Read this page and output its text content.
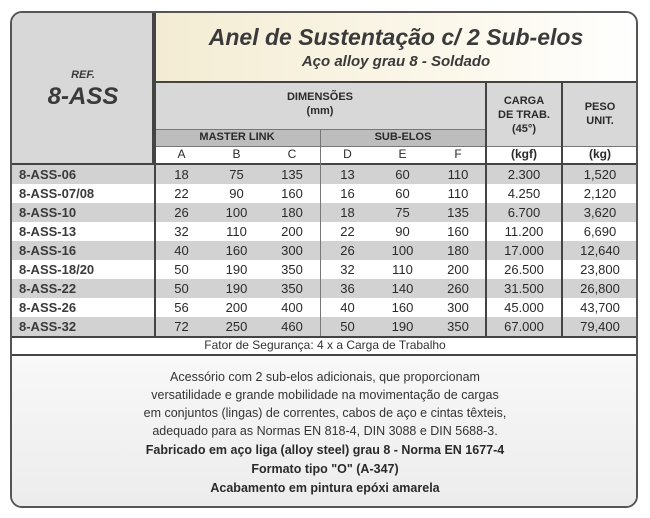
REF.
8-ASS
Anel de Sustentação c/ 2 Sub-elos
Aço alloy grau 8 - Soldado
DIMENSÕES
(mm)
MASTER LINK	SUB-ELOS
CARGA
DE TRAB.
(45°)
PESO
UNIT.
A	B	C	D	E	F	(kgf)	(kg)
8-ASS-06	18	75	135	13	60	110	2.300	1,520
8-ASS-07/08	22	90	160	16	60	110	4.250	2,120
8-ASS-10	26	100	180	18	75	135	6.700	3,620
8-ASS-13	32	110	200	22	90	160	11.200	6,690
8-ASS-16	40	160	300	26	100	180	17.000	12,640
8-ASS-18/20	50	190	350	32	110	200	26.500	23,800
8-ASS-22	50	190	350	36	140	260	31.500	26,800
8-ASS-26	56	200	400	40	160	300	45.000	43,700
8-ASS-32	72	250	460	50	190	350	67.000	79,400
Fator de Segurança: 4 x a Carga de Trabalho
Acessório com 2 sub-elos adicionais, que proporcionam
versatilidade e grande mobilidade na movimentação de cargas
em conjuntos (lingas) de correntes, cabos de aço e cintas têxteis,
adequado para as Normas EN 818-4, DIN 3088 e DIN 5688-3.
Fabricado em aço liga (alloy steel) grau 8 - Norma EN 1677-4
Formato tipo "O" (A-347)
Acabamento em pintura epóxi amarela
